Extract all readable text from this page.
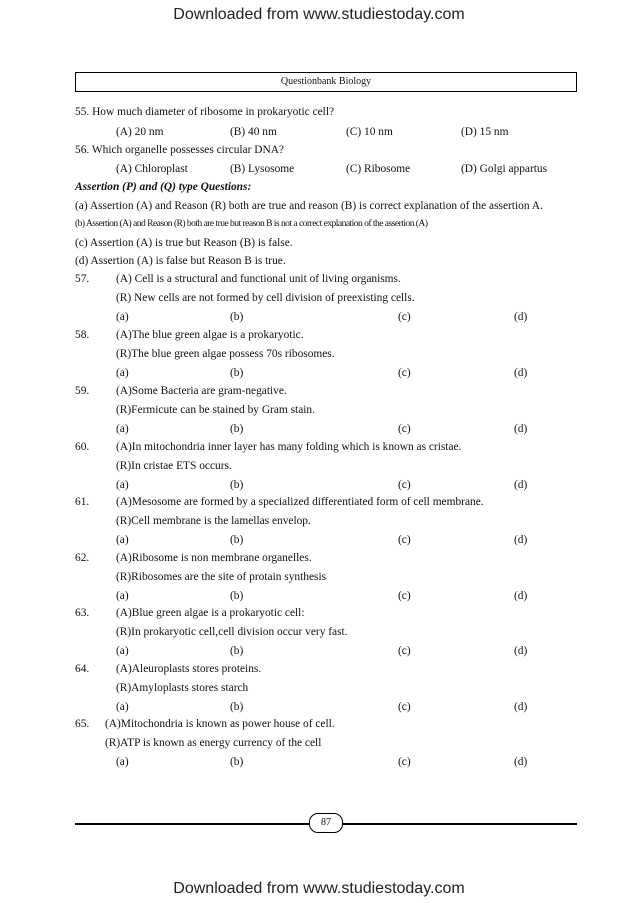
Downloaded from www.studiestoday.com
Questionbank Biology
55. How much diameter of ribosome in prokaryotic cell?
(A) 20 nm	(B) 40 nm	(C) 10 nm	(D) 15 nm
56. Which organelle possesses circular DNA?
(A) Chloroplast	(B) Lysosome	(C) Ribosome	(D) Golgi appartus
Assertion (P) and (Q) type Questions:
(a) Assertion (A) and Reason (R) both are true and reason (B) is correct explanation of the assertion A.
(b) Assertion (A) and Reason (R) both are true but reason B is not a correct explanation of the assertion (A)
(c) Assertion (A) is true but Reason (B) is false.
(d) Assertion (A) is false but Reason B is true.
57. (A) Cell is a structural and functional unit of living organisms.
(R) New cells are not formed by cell division of preexisting cells.
(a)	(b)	(c)	(d)
58. (A)The blue green algae is a prokaryotic.
(R)The blue green algae possess 70s ribosomes.
(a)	(b)	(c)	(d)
59. (A)Some Bacteria are gram-negative.
(R)Fermicute can be stained by Gram stain.
(a)	(b)	(c)	(d)
60. (A)In mitochondria inner layer has many folding which is known as cristae.
(R)In cristae ETS occurs.
(a)	(b)	(c)	(d)
61. (A)Mesosome are formed by a specialized differentiated form of cell membrane.
(R)Cell membrane is the lamellas envelop.
(a)	(b)	(c)	(d)
62. (A)Ribosome is non membrane organelles.
(R)Ribosomes are the site of protain synthesis
(a)	(b)	(c)	(d)
63. (A)Blue green algae is a prokaryotic cell:
(R)In prokaryotic cell,cell division occur very fast.
(a)	(b)	(c)	(d)
64. (A)Aleuroplasts stores proteins.
(R)Amyloplasts stores starch
(a)	(b)	(c)	(d)
65. (A)Mitochondria is known as power house of cell.
(R)ATP is known as energy currency of the cell
(a)	(b)	(c)	(d)
87
Downloaded from www.studiestoday.com
